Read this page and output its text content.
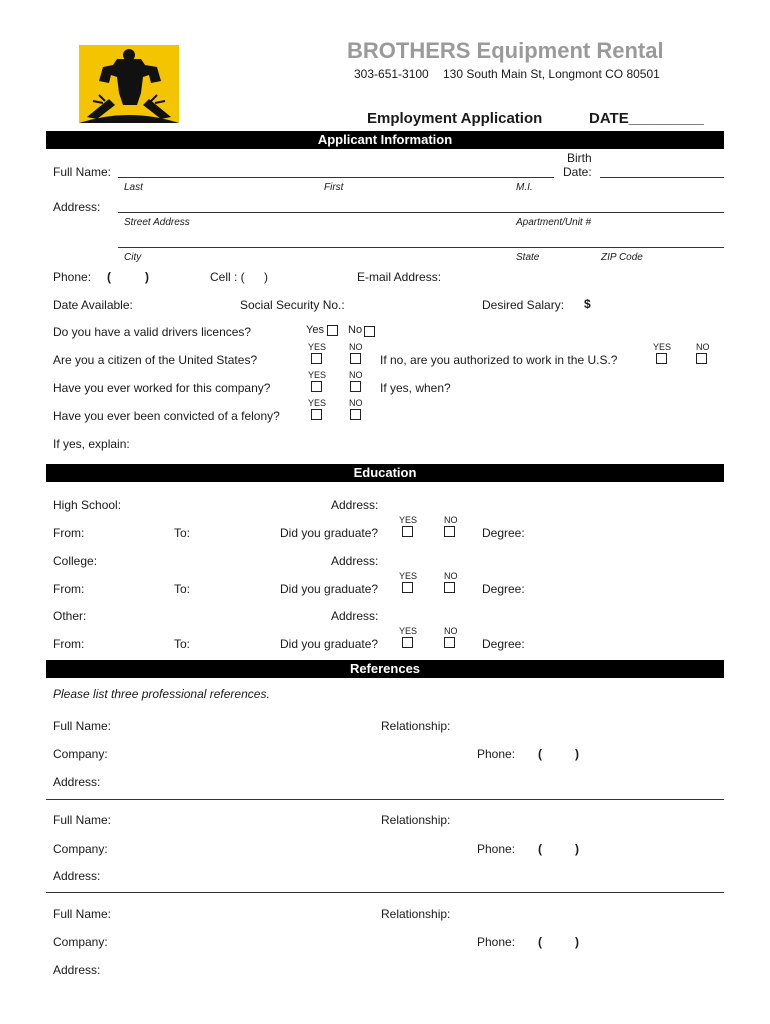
BROTHERS Equipment Rental
303-651-3100 130 South Main St, Longmont CO 80501
Employment Application	DATE_________
Applicant Information
Full Name:
Birth
Date:
Last	First	M.I.
Address:
Street Address	Apartment/Unit #
City	State	ZIP Code
Phone: (	)	Cell : ( )	E-mail Address:
Date Available:	Social Security No.:	Desired Salary: $
Do you have a valid drivers licences?	Yes No
YES	NO
Are you a citizen of the United States?	If no, are you authorized to work in the U.S.?
YES	NO
YES	NO
Have you ever worked for this company?	If yes, when?
YES	NO
Have you ever been convicted of a felony?
If yes, explain:
Education
High School:	Address:
YES	NO
From:	To:	Did you graduate?	Degree:
College:	Address:
YES	NO
From:	To:	Did you graduate?	Degree:
Other:	Address:
YES	NO
From:	To:	Did you graduate?	Degree:
References
Please list three professional references.
Full Name:	Relationship:
Company:	Phone: (	)
Address:
Full Name:	Relationship:
Company:	Phone: (	)
Address:
Full Name:	Relationship:
Company:	Phone: (	)
Address:
